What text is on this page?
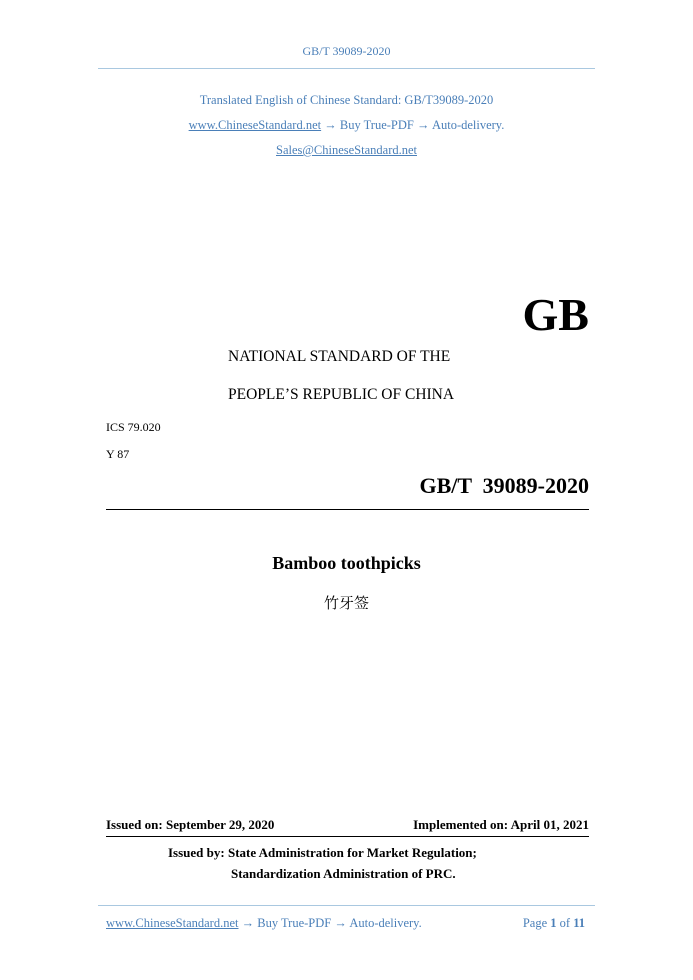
GB/T 39089-2020
Translated English of Chinese Standard: GB/T39089-2020
www.ChineseStandard.net → Buy True-PDF → Auto-delivery.
Sales@ChineseStandard.net
GB
NATIONAL STANDARD OF THE
PEOPLE’S REPUBLIC OF CHINA
ICS 79.020
Y 87
GB/T  39089-2020
Bamboo toothpicks
竹牙签
Issued on: September 29, 2020	Implemented on: April 01, 2021
Issued by: State Administration for Market Regulation;
Standardization Administration of PRC.
www.ChineseStandard.net → Buy True-PDF → Auto-delivery.	Page 1 of 11
